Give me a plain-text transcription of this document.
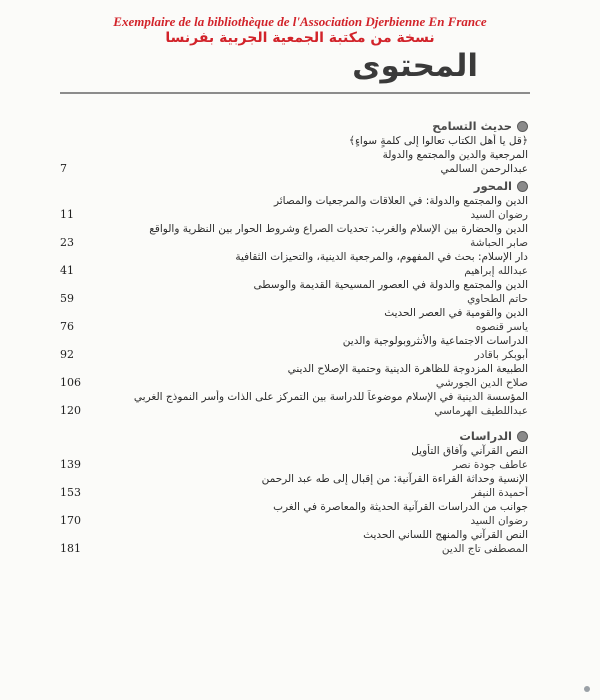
Exemplaire de la bibliothèque de l'Association Djerbienne En France
نسخة من مكتبة الجمعية الجربية بفرنسا
المحتوى
حديث التسامح
﴿قل يا أهل الكتاب تعالوا إلى كلمةٍ سواءٍ﴾
المرجعية والدين والمجتمع والدولة
عبدالرحمن السالمي
7
المحور
الدين والمجتمع والدولة: في العلاقات والمرجعيات والمصائر
رضوان السيد
11
الدين والحضارة بين الإسلام والغرب: تحديات الصراع وشروط الحوار بين النظرية والواقع
صابر الحباشة
23
دار الإسلام: بحث في المفهوم، والمرجعية الدينية، والتحيزات الثقافية
عبدالله إبراهيم
41
الدين والمجتمع والدولة في العصور المسيحية القديمة والوسطى
حاتم الطحاوي
59
الدين والقومية في العصر الحديث
ياسر قنصوه
76
الدراسات الاجتماعية والأنثروبولوجية والدين
أبوبكر باقادر
92
الطبيعة المزدوجة للظاهرة الدينية وحتمية الإصلاح الديني
صلاح الدين الجورشي
106
المؤسسة الدينية في الإسلام موضوعاً للدراسة بين التمركز على الذات وأسر النموذج الغربي
عبداللطيف الهرماسي
120
الدراسات
النص القرآني وآفاق التأويل
عاطف جودة نصر
139
الإنسية وحداثة القراءة القرآنية: من إقبال إلى طه عبد الرحمن
أحميدة النيفر
153
جوانب من الدراسات القرآنية الحديثة والمعاصرة في الغرب
رضوان السيد
170
النص القرآني والمنهج اللساني الحديث
المصطفى تاج الدين
181
